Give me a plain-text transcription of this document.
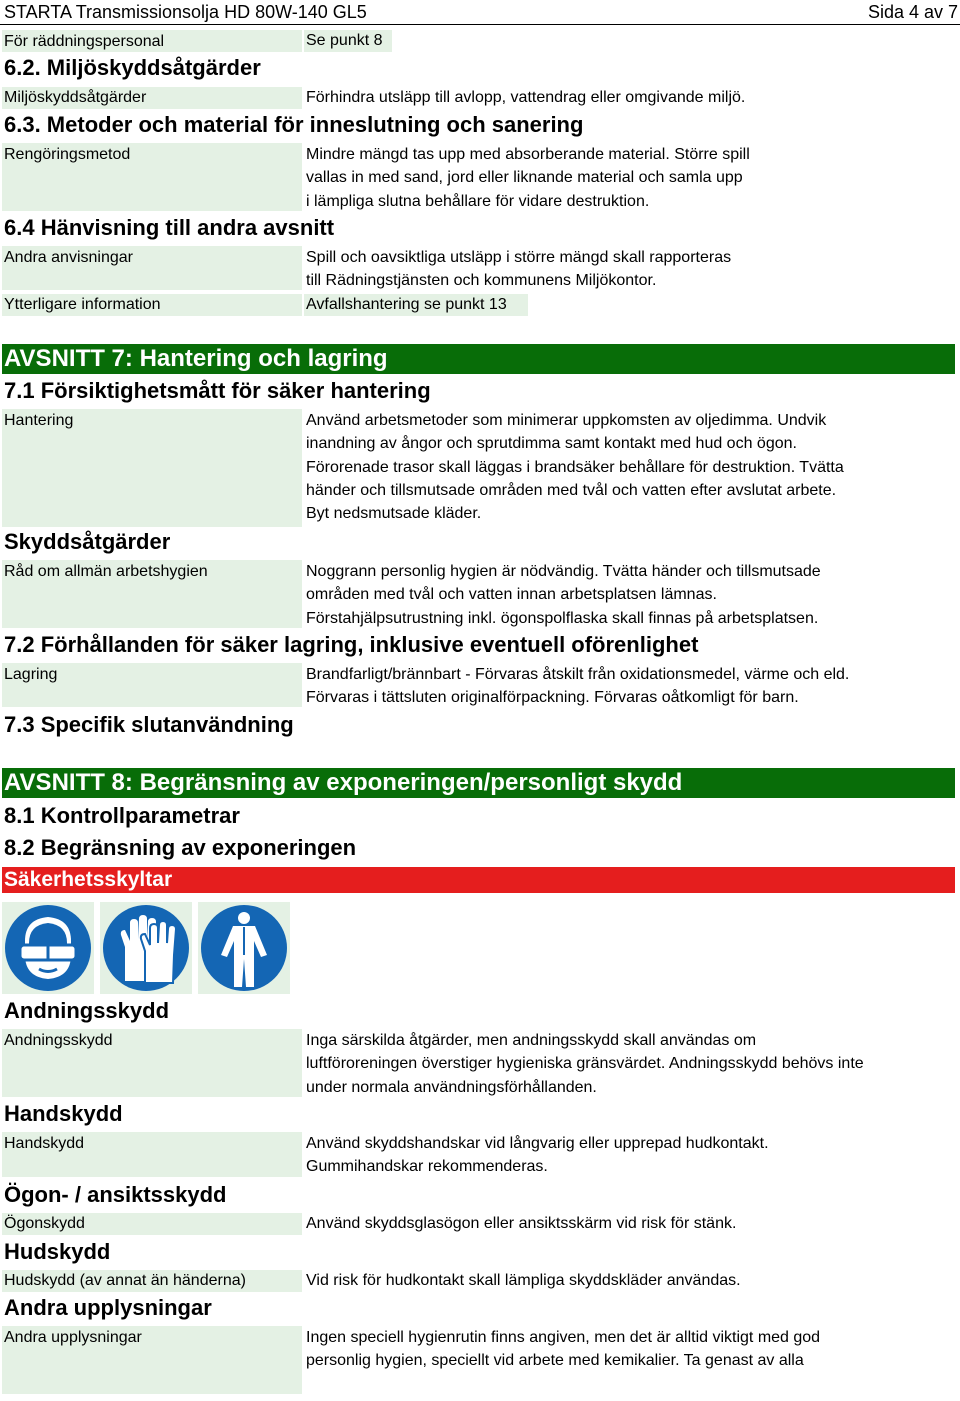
STARTA Transmissionsolja HD 80W-140 GL5	Sida 4 av 7
För räddningspersonal	Se punkt 8
6.2. Miljöskyddsåtgärder
Miljöskyddsåtgärder	Förhindra utsläpp till avlopp, vattendrag eller omgivande miljö.
6.3. Metoder och material för inneslutning och sanering
Rengöringsmetod	Mindre mängd tas upp med absorberande material. Större spill
vallas in med sand, jord eller liknande material och samla upp
i lämpliga slutna behållare för vidare destruktion.
6.4 Hänvisning till andra avsnitt
Andra anvisningar	Spill och oavsiktliga utsläpp i större mängd skall rapporteras
till Rädningstjänsten och kommunens Miljökontor.
Ytterligare information	Avfallshantering se punkt 13
AVSNITT 7: Hantering och lagring
7.1 Försiktighetsmått för säker hantering
Hantering	Använd arbetsmetoder som minimerar uppkomsten av oljedimma. Undvik
inandning av ångor och sprutdimma samt kontakt med hud och ögon.
Förorenade trasor skall läggas i brandsäker behållare för destruktion. Tvätta
händer och tillsmutsade områden med tvål och vatten efter avslutat arbete.
Byt nedsmutsade kläder.
Skyddsåtgärder
Råd om allmän arbetshygien	Noggrann personlig hygien är nödvändig. Tvätta händer och tillsmutsade
områden med tvål och vatten innan arbetsplatsen lämnas.
Förstahjälpsutrustning inkl. ögonspolflaska skall finnas på arbetsplatsen.
7.2 Förhållanden för säker lagring, inklusive eventuell oförenlighet
Lagring	Brandfarligt/brännbart - Förvaras åtskilt från oxidationsmedel, värme och eld.
Förvaras i tättsluten originalförpackning. Förvaras oåtkomligt för barn.
7.3 Specifik slutanvändning
AVSNITT 8: Begränsning av exponeringen/personligt skydd
8.1 Kontrollparametrar
8.2 Begränsning av exponeringen
Säkerhetsskyltar
Andningsskydd
Andningsskydd	Inga särskilda åtgärder, men andningsskydd skall användas om
luftföroreningen överstiger hygieniska gränsvärdet. Andningsskydd behövs inte
under normala användningsförhållanden.
Handskydd
Handskydd	Använd skyddshandskar vid långvarig eller upprepad hudkontakt.
Gummihandskar rekommenderas.
Ögon- / ansiktsskydd
Ögonskydd	Använd skyddsglasögon eller ansiktsskärm vid risk för stänk.
Hudskydd
Hudskydd (av annat än händerna)	Vid risk för hudkontakt skall lämpliga skyddskläder användas.
Andra upplysningar
Andra upplysningar	Ingen speciell hygienrutin finns angiven, men det är alltid viktigt med god
personlig hygien, speciellt vid arbete med kemikalier. Ta genast av alla
